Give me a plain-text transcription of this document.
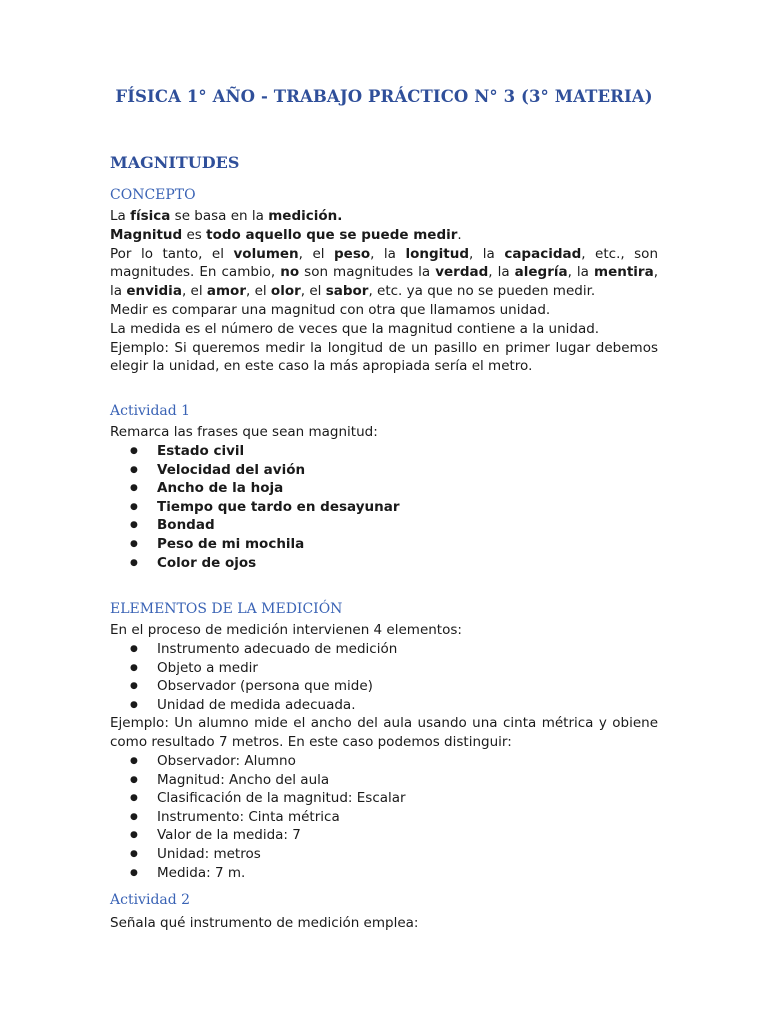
FÍSICA 1° AÑO - TRABAJO PRÁCTICO N° 3 (3° MATERIA)
MAGNITUDES
CONCEPTO

La física se basa en la medición.

Magnitud es todo aquello que se puede medir.

Por lo tanto, el volumen, el peso, la longitud, la capacidad, etc., son magnitudes. En cambio, no son magnitudes la verdad, la alegría, la mentira, la envidia, el amor, el olor, el sabor, etc. ya que no se pueden medir.

Medir es comparar una magnitud con otra que llamamos unidad.

La medida es el número de veces que la magnitud contiene a la unidad.

Ejemplo: Si queremos medir la longitud de un pasillo en primer lugar debemos elegir la unidad, en este caso la más apropiada sería el metro.

Actividad 1
Remarca las frases que sean magnitud:
● Estado civil
● Velocidad del avión
● Ancho de la hoja
● Tiempo que tardo en desayunar
● Bondad
● Peso de mi mochila
● Color de ojos
ELEMENTOS DE LA MEDICIÓN
En el proceso de medición intervienen 4 elementos:
● Instrumento adecuado de medición
● Objeto a medir
● Observador (persona que mide)
● Unidad de medida adecuada.
Ejemplo: Un alumno mide el ancho del aula usando una cinta métrica y obiene como resultado 7 metros. En este caso podemos distinguir:
● Observador: Alumno
● Magnitud: Ancho del aula
● Clasificación de la magnitud: Escalar
● Instrumento: Cinta métrica
● Valor de la medida: 7
● Unidad: metros
● Medida: 7 m.
Actividad 2
Señala qué instrumento de medición emplea:
